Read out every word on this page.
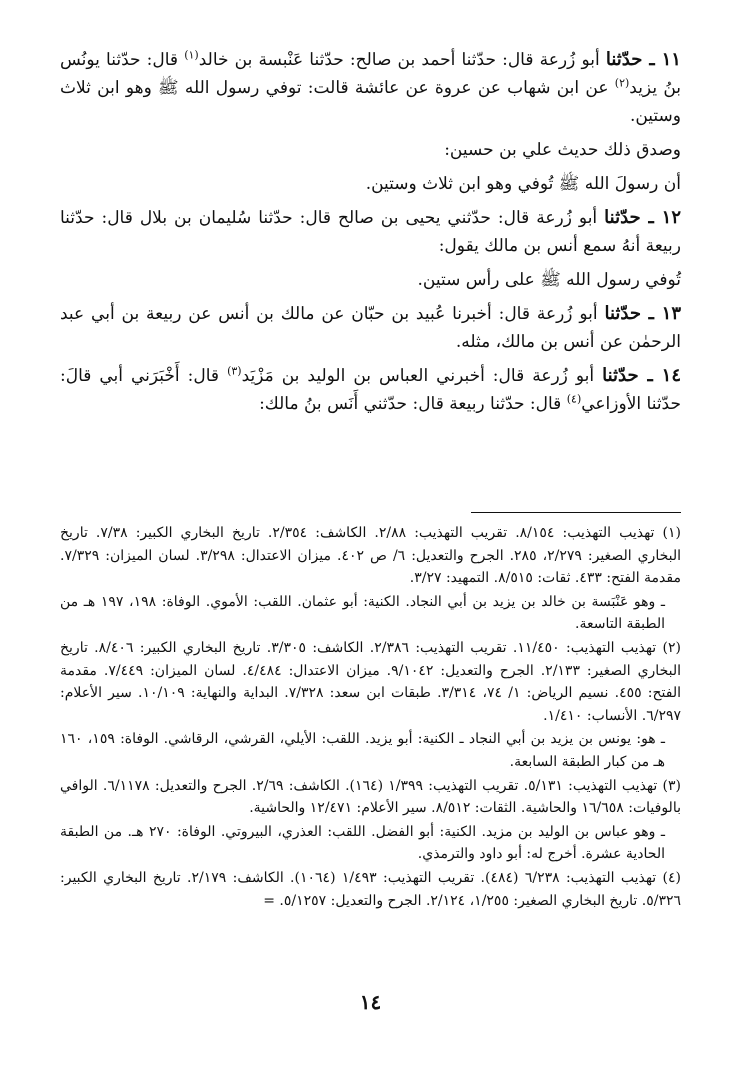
١١ ـ حدّثنا أبو زُرعة قال: حدّثنا أحمد بن صالح: حدّثنا عَنْبسة بن خالد$^{(١)}$ قال: حدّثنا يونُس بنُ يزيد$^{(٢)}$ عن ابن شهاب عن عروة عن عائشة قالت: توفي رسول الله ﷺ وهو ابن ثلاث وستين.

وصدق ذلك حديث علي بن حسين:

أن رسولَ الله ﷺ تُوفي وهو ابن ثلاث وستين.

١٢ ـ حدّثنا أبو زُرعة قال: حدّثني يحيى بن صالح قال: حدّثنا سُليمان بن بلال قال: حدّثنا ربيعة أنهُ سمع أنس بن مالك يقول:

تُوفي رسول الله ﷺ على رأس ستين.

١٣ ـ حدّثنا أبو زُرعة قال: أخبرنا عُبيد بن حبّان عن مالك بن أنس عن ربيعة بن أبي عبد الرحمٰن عن أنس بن مالك، مثله.

١٤ ـ حدّثنا أبو زُرعة قال: أخبرني العباس بن الوليد بن مَزْيَد$^{(٣)}$ قال: أَخْبَرَني أبي قالَ: حدّثنا الأوزاعي$^{(٤)}$ قال: حدّثنا ربيعة قال: حدّثني أَنَس بنُ مالك:

(١) تهذيب التهذيب: ٨/١٥٤. تقريب التهذيب: ٢/٨٨. الكاشف: ٢/٣٥٤. تاريخ البخاري الكبير: ٧/٣٨. تاريخ البخاري الصغير: ٢/٢٧٩، ٢٨٥. الجرح والتعديل: ٦/ ص ٤٠٢. ميزان الاعتدال: ٣/٢٩٨. لسان الميزان: ٧/٣٢٩. مقدمة الفتح: ٤٣٣. ثقات: ٨/٥١٥. التمهيد: ٣/٢٧.
ـ وهو عَنْبَسة بن خالد بن يزيد بن أبي النجاد. الكنية: أبو عثمان. اللقب: الأموي. الوفاة: ١٩٨، ١٩٧ هـ من الطبقة التاسعة.
(٢) تهذيب التهذيب: ١١/٤٥٠. تقريب التهذيب: ٢/٣٨٦. الكاشف: ٣/٣٠٥. تاريخ البخاري الكبير: ٨/٤٠٦. تاريخ البخاري الصغير: ٢/١٣٣. الجرح والتعديل: ٩/١٠٤٢. ميزان الاعتدال: ٤/٤٨٤. لسان الميزان: ٧/٤٤٩. مقدمة الفتح: ٤٥٥. نسيم الرياض: ١/ ٧٤، ٣/٣١٤. طبقات ابن سعد: ٧/٣٢٨. البداية والنهاية: ١٠/١٠٩. سير الأعلام: ٦/٢٩٧. الأنساب: ١/٤١٠.
ـ هو: يونس بن يزيد بن أبي النجاد ـ الكنية: أبو يزيد. اللقب: الأيلي، القرشي، الرقاشي. الوفاة: ١٥٩، ١٦٠ هـ من كبار الطبقة السابعة.
(٣) تهذيب التهذيب: ٥/١٣١. تقريب التهذيب: ١/٣٩٩ (١٦٤). الكاشف: ٢/٦٩. الجرح والتعديل: ٦/١١٧٨. الوافي بالوفيات: ١٦/٦٥٨ والحاشية. الثقات: ٨/٥١٢. سير الأعلام: ١٢/٤٧١ والحاشية.
ـ وهو عباس بن الوليد بن مزيد. الكنية: أبو الفضل. اللقب: العذري، البيروتي. الوفاة: ٢٧٠ هـ. من الطبقة الحادية عشرة. أخرج له: أبو داود والترمذي.
(٤) تهذيب التهذيب: ٦/٢٣٨ (٤٨٤). تقريب التهذيب: ١/٤٩٣ (١٠٦٤). الكاشف: ٢/١٧٩. تاريخ البخاري الكبير: ٥/٣٢٦. تاريخ البخاري الصغير: ١/٢٥٥، ٢/١٢٤. الجرح والتعديل: ٥/١٢٥٧. =
١٤
